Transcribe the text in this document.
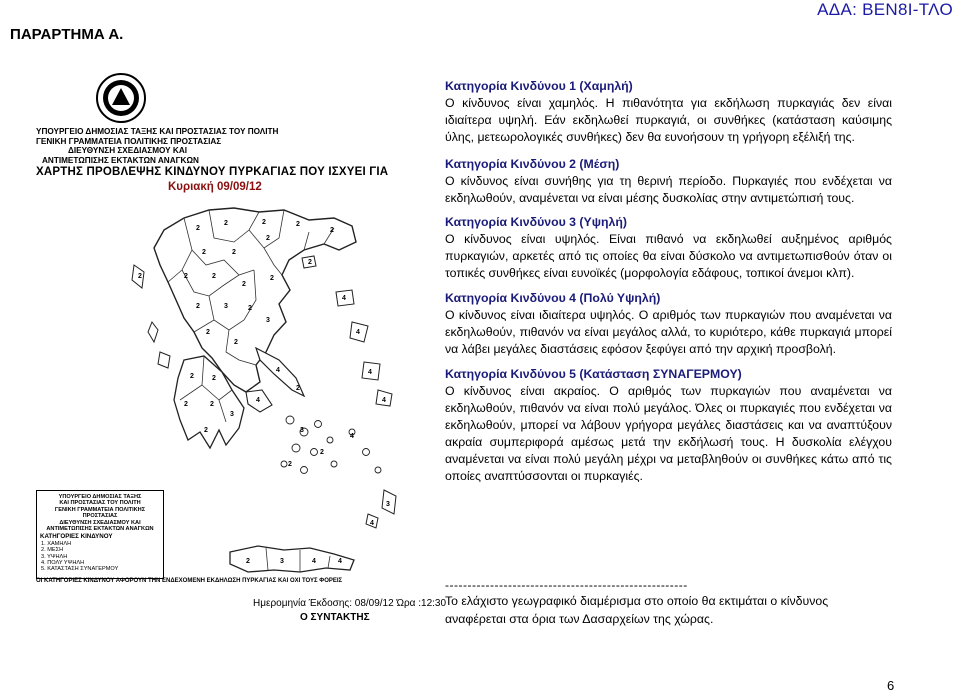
ΠΑΡΑΡΤΗΜΑ Α.
ΑΔΑ: ΒΕΝ8Ι-ΤΛΟ
2
2	2	2
2
2	2
2
2	2
2
2
2	3	2
3
2
2
2
2
2	2
2	2
3
2
4
4
4
4
4
4
3
2
2
4
3
4
2	3	4	4
2
ΥΠΟΥΡΓΕΙΟ ΔΗΜΟΣΙΑΣ ΤΑΞΗΣ ΚΑΙ ΠΡΟΣΤΑΣΙΑΣ ΤΟΥ ΠΟΛΙΤΗ
ΓΕΝΙΚΗ ΓΡΑΜΜΑΤΕΙΑ ΠΟΛΙΤΙΚΗΣ ΠΡΟΣΤΑΣΙΑΣ
ΔΙΕΥΘΥΝΣΗ ΣΧΕΔΙΑΣΜΟΥ ΚΑΙ
ΑΝΤΙΜΕΤΩΠΙΣΗΣ ΕΚΤΑΚΤΩΝ ΑΝΑΓΚΩΝ
ΧΑΡΤΗΣ ΠΡΟΒΛΕΨΗΣ ΚΙΝΔΥΝΟΥ ΠΥΡΚΑΓΙΑΣ ΠΟΥ ΙΣΧΥΕΙ ΓΙΑ
Κυριακή 09/09/12
ΥΠΟΥΡΓΕΙΟ ΔΗΜΟΣΙΑΣ ΤΑΞΗΣ
ΚΑΙ ΠΡΟΣΤΑΣΙΑΣ ΤΟΥ ΠΟΛΙΤΗ
ΓΕΝΙΚΗ ΓΡΑΜΜΑΤΕΙΑ ΠΟΛΙΤΙΚΗΣ ΠΡΟΣΤΑΣΙΑΣ
ΔΙΕΥΘΥΝΣΗ ΣΧΕΔΙΑΣΜΟΥ ΚΑΙ
ΑΝΤΙΜΕΤΩΠΙΣΗΣ ΕΚΤΑΚΤΩΝ ΑΝΑΓΚΩΝ
ΚΑΤΗΓΟΡΙΕΣ ΚΙΝΔΥΝΟΥ
1. ΧΑΜΗΛΗ
2. ΜΕΣΗ
3. ΥΨΗΛΗ
4. ΠΟΛΥ ΥΨΗΛΗ
5. ΚΑΤΑΣΤΑΣΗ ΣΥΝΑΓΕΡΜΟΥ
ΟΙ ΚΑΤΗΓΟΡΙΕΣ ΚΙΝΔΥΝΟΥ ΑΦΟΡΟΥΝ ΤΗΝ ΕΝΔΕΧΟΜΕΝΗ ΕΚΔΗΛΩΣΗ ΠΥΡΚΑΓΙΑΣ ΚΑΙ ΟΧΙ ΤΟΥΣ ΦΟΡΕΙΣ
Ημερομηνία Έκδοσης: 08/09/12 Ώρα :12:30
Ο ΣΥΝΤΑΚΤΗΣ

Κατηγορία Κινδύνου 1 (Χαμηλή)

Ο κίνδυνος είναι χαμηλός. Η πιθανότητα για εκδήλωση πυρκαγιάς δεν είναι ιδιαίτερα υψηλή. Εάν εκδηλωθεί πυρκαγιά, οι συνθήκες (κατάσταση καύσιμης ύλης, μετεωρολογικές συνθήκες) δεν θα ευνοήσουν τη γρήγορη εξέλιξή της.

Κατηγορία Κινδύνου 2 (Μέση)

Ο κίνδυνος είναι συνήθης για τη θερινή περίοδο. Πυρκαγιές που ενδέχεται να εκδηλωθούν, αναμένεται να είναι μέσης δυσκολίας στην αντιμετώπισή τους.

Κατηγορία Κινδύνου 3 (Υψηλή)

Ο κίνδυνος είναι υψηλός. Είναι πιθανό να εκδηλωθεί αυξημένος αριθμός πυρκαγιών, αρκετές από τις οποίες θα είναι δύσκολο να αντιμετωπισθούν όταν οι τοπικές συνθήκες είναι ευνοϊκές (μορφολογία εδάφους, τοπικοί άνεμοι κλπ).

Κατηγορία Κινδύνου 4 (Πολύ Υψηλή)

Ο κίνδυνος είναι ιδιαίτερα υψηλός. Ο αριθμός των πυρκαγιών που αναμένεται να εκδηλωθούν, πιθανόν να είναι μεγάλος αλλά, το κυριότερο, κάθε πυρκαγιά μπορεί να λάβει μεγάλες διαστάσεις εφόσον ξεφύγει από την αρχική προσβολή.

Κατηγορία Κινδύνου 5 (Κατάσταση ΣΥΝΑΓΕΡΜΟΥ)

Ο κίνδυνος είναι ακραίος. Ο αριθμός των πυρκαγιών που αναμένεται να εκδηλωθούν, πιθανόν να είναι πολύ μεγάλος. Όλες οι πυρκαγιές που ενδέχεται να εκδηλωθούν, μπορεί να λάβουν γρήγορα μεγάλες διαστάσεις και να αναπτύξουν ακραία συμπεριφορά αμέσως μετά την εκδήλωσή τους. Η δυσκολία ελέγχου αναμένεται να είναι πολύ μεγάλη μέχρι να μεταβληθούν οι συνθήκες κάτω από τις οποίες αναπτύσσονται οι πυρκαγιές.

------------------------------------------------------
Το ελάχιστο γεωγραφικό διαμέρισμα στο οποίο θα εκτιμάται ο κίνδυνος αναφέρεται στα όρια των Δασαρχείων της χώρας.
6
